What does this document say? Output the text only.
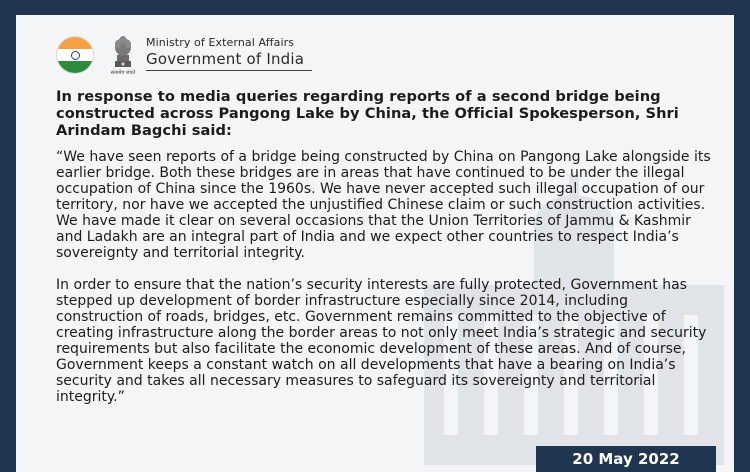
सत्यमेव जयते
Ministry of External Affairs
Government of India

In response to media queries regarding reports of a second bridge being constructed across Pangong Lake by China, the Official Spokesperson, Shri Arindam Bagchi said:

“We have seen reports of a bridge being constructed by China on Pangong Lake alongside its earlier bridge. Both these bridges are in areas that have continued to be under the illegal occupation of China since the 1960s. We have never accepted such illegal occupation of our territory, nor have we accepted the unjustified Chinese claim or such construction activities. We have made it clear on several occasions that the Union Territories of Jammu & Kashmir and Ladakh are an integral part of India and we expect other countries to respect India’s sovereignty and territorial integrity.

In order to ensure that the nation’s security interests are fully protected, Government has stepped up development of border infrastructure especially since 2014, including construction of roads, bridges, etc. Government remains committed to the objective of creating infrastructure along the border areas to not only meet India’s strategic and security requirements but also facilitate the economic development of these areas. And of course, Government keeps a constant watch on all developments that have a bearing on India’s security and takes all necessary measures to safeguard its sovereignty and territorial integrity.”

20 May 2022
